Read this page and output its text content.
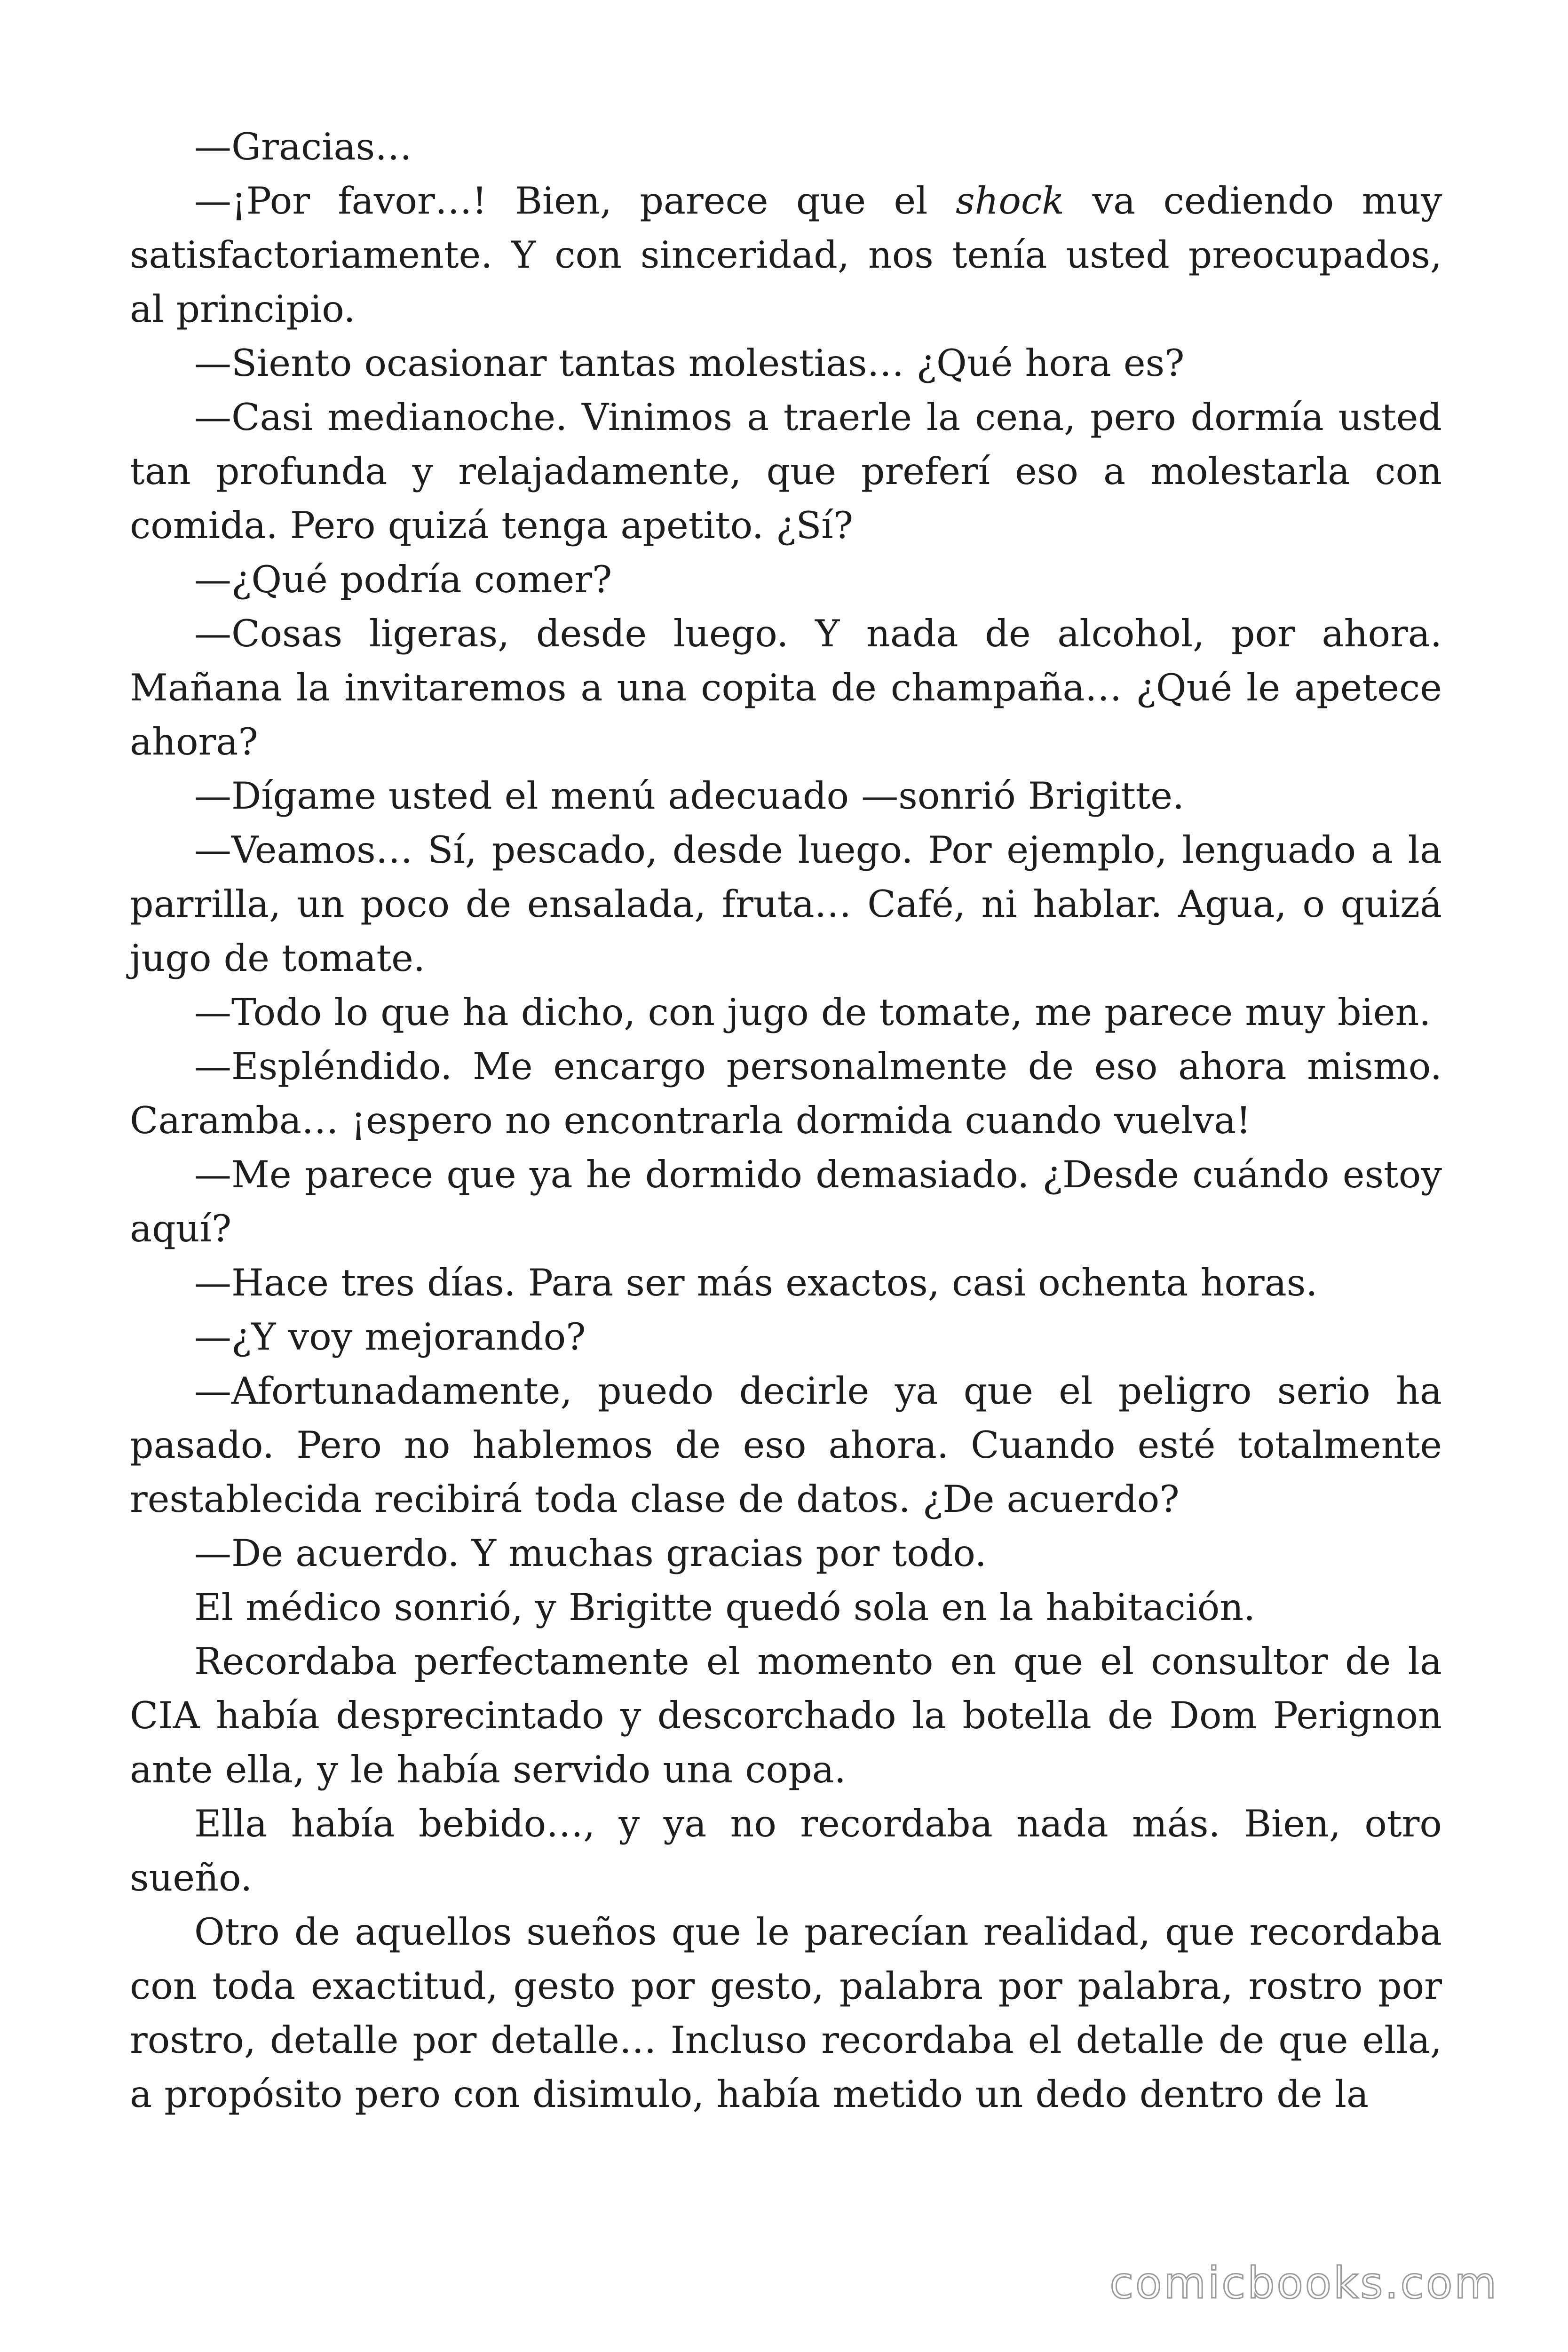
—Gracias…

—¡Por favor…! Bien, parece que el shock va cediendo muy satisfactoriamente. Y con sinceridad, nos tenía usted preocupados, al principio.

—Siento ocasionar tantas molestias… ¿Qué hora es?

—Casi medianoche. Vinimos a traerle la cena, pero dormía usted tan profunda y relajadamente, que preferí eso a molestarla con comida. Pero quizá tenga apetito. ¿Sí?

—¿Qué podría comer?

—Cosas ligeras, desde luego. Y nada de alcohol, por ahora. Mañana la invitaremos a una copita de champaña… ¿Qué le apetece ahora?

—Dígame usted el menú adecuado —sonrió Brigitte.

—Veamos… Sí, pescado, desde luego. Por ejemplo, lenguado a la parrilla, un poco de ensalada, fruta… Café, ni hablar. Agua, o quizá jugo de tomate.

—Todo lo que ha dicho, con jugo de tomate, me parece muy bien.

—Espléndido. Me encargo personalmente de eso ahora mismo. Caramba… ¡espero no encontrarla dormida cuando vuelva!

—Me parece que ya he dormido demasiado. ¿Desde cuándo estoy aquí?

—Hace tres días. Para ser más exactos, casi ochenta horas.

—¿Y voy mejorando?

—Afortunadamente, puedo decirle ya que el peligro serio ha pasado. Pero no hablemos de eso ahora. Cuando esté totalmente restablecida recibirá toda clase de datos. ¿De acuerdo?

—De acuerdo. Y muchas gracias por todo.

El médico sonrió, y Brigitte quedó sola en la habitación.

Recordaba perfectamente el momento en que el consultor de la CIA había desprecintado y descorchado la botella de Dom Perignon ante ella, y le había servido una copa.

Ella había bebido…, y ya no recordaba nada más. Bien, otro sueño.

Otro de aquellos sueños que le parecían realidad, que recordaba con toda exactitud, gesto por gesto, palabra por palabra, rostro por rostro, detalle por detalle… Incluso recordaba el detalle de que ella, a propósito pero con disimulo, había metido un dedo dentro de la

comicbooks.com
